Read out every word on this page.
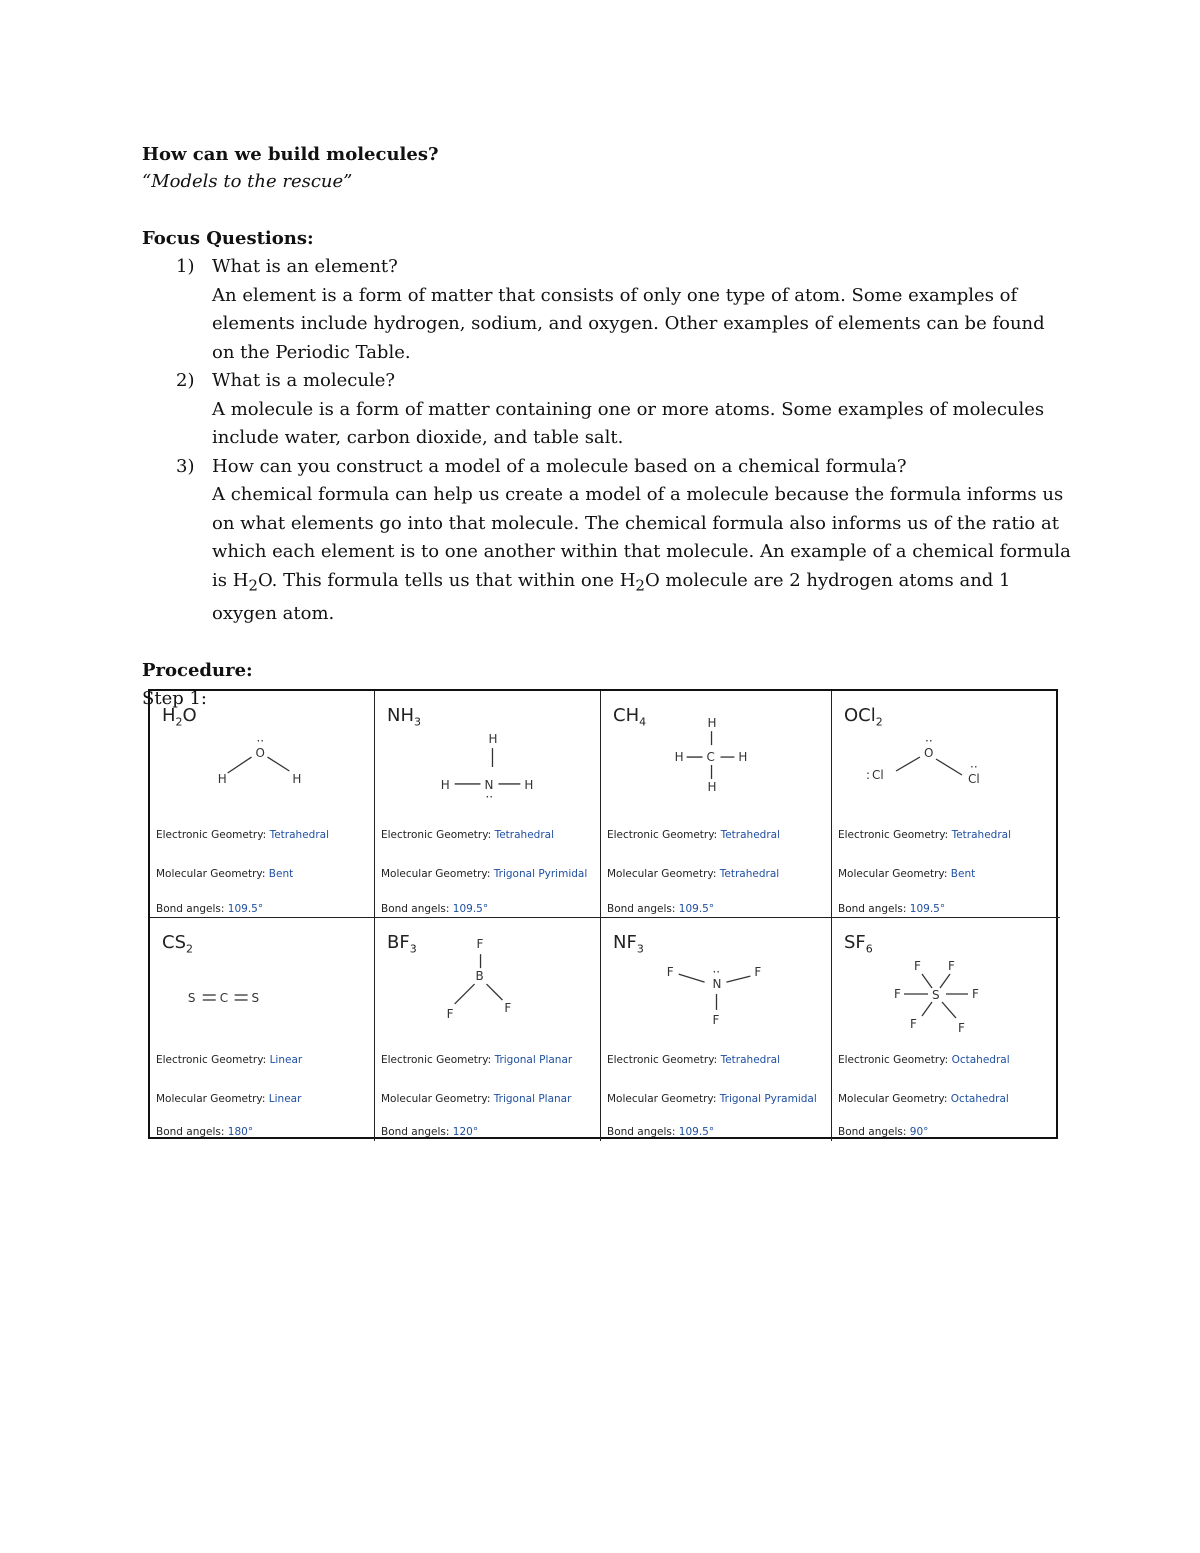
How can we build molecules?

“Models to the rescue”

Focus Questions:

1) What is an element?
An element is a form of matter that consists of only one type of atom. Some examples of elements include hydrogen, sodium, and oxygen. Other examples of elements can be found on the Periodic Table.
2) What is a molecule?
A molecule is a form of matter containing one or more atoms. Some examples of molecules include water, carbon dioxide, and table salt.
3) How can you construct a model of a molecule based on a chemical formula?
A chemical formula can help us create a model of a molecule because the formula informs us on what elements go into that molecule. The chemical formula also informs us of the ratio at which each element is to one another within that molecule. An example of a chemical formula is $H_2O$. This formula tells us that within one $H_2O$ molecule are 2 hydrogen atoms and 1 oxygen atom.

Procedure:

Step 1:

$H_2O$
O
··
H	H
Electronic Geometry: Tetrahedral
Molecular Geometry: Bent
Bond angels: 109.5°
$NH_3$
H
H	N
··
H
Electronic Geometry: Tetrahedral
Molecular Geometry: Trigonal Pyrimidal
Bond angels: 109.5°
$CH_4$	H
H C H
H
Electronic Geometry: Tetrahedral
Molecular Geometry: Tetrahedral
Bond angels: 109.5°
OCl$_2$
O
··
Cl
:	Cl
··
Electronic Geometry: Tetrahedral
Molecular Geometry: Bent
Bond angels: 109.5°
$CS_2$
S C S
Electronic Geometry: Linear
Molecular Geometry: Linear
Bond angels: 180°
$BF_3$	F
B
F	F
Electronic Geometry: Trigonal Planar
Molecular Geometry: Trigonal Planar
Bond angels: 120°
$NF_3$
F
N
··	F
F
Electronic Geometry: Tetrahedral
Molecular Geometry: Trigonal Pyramidal
Bond angels: 109.5°
$SF_6$
F F
F	S	F
F	F
Electronic Geometry: Octahedral
Molecular Geometry: Octahedral
Bond angels: 90°
